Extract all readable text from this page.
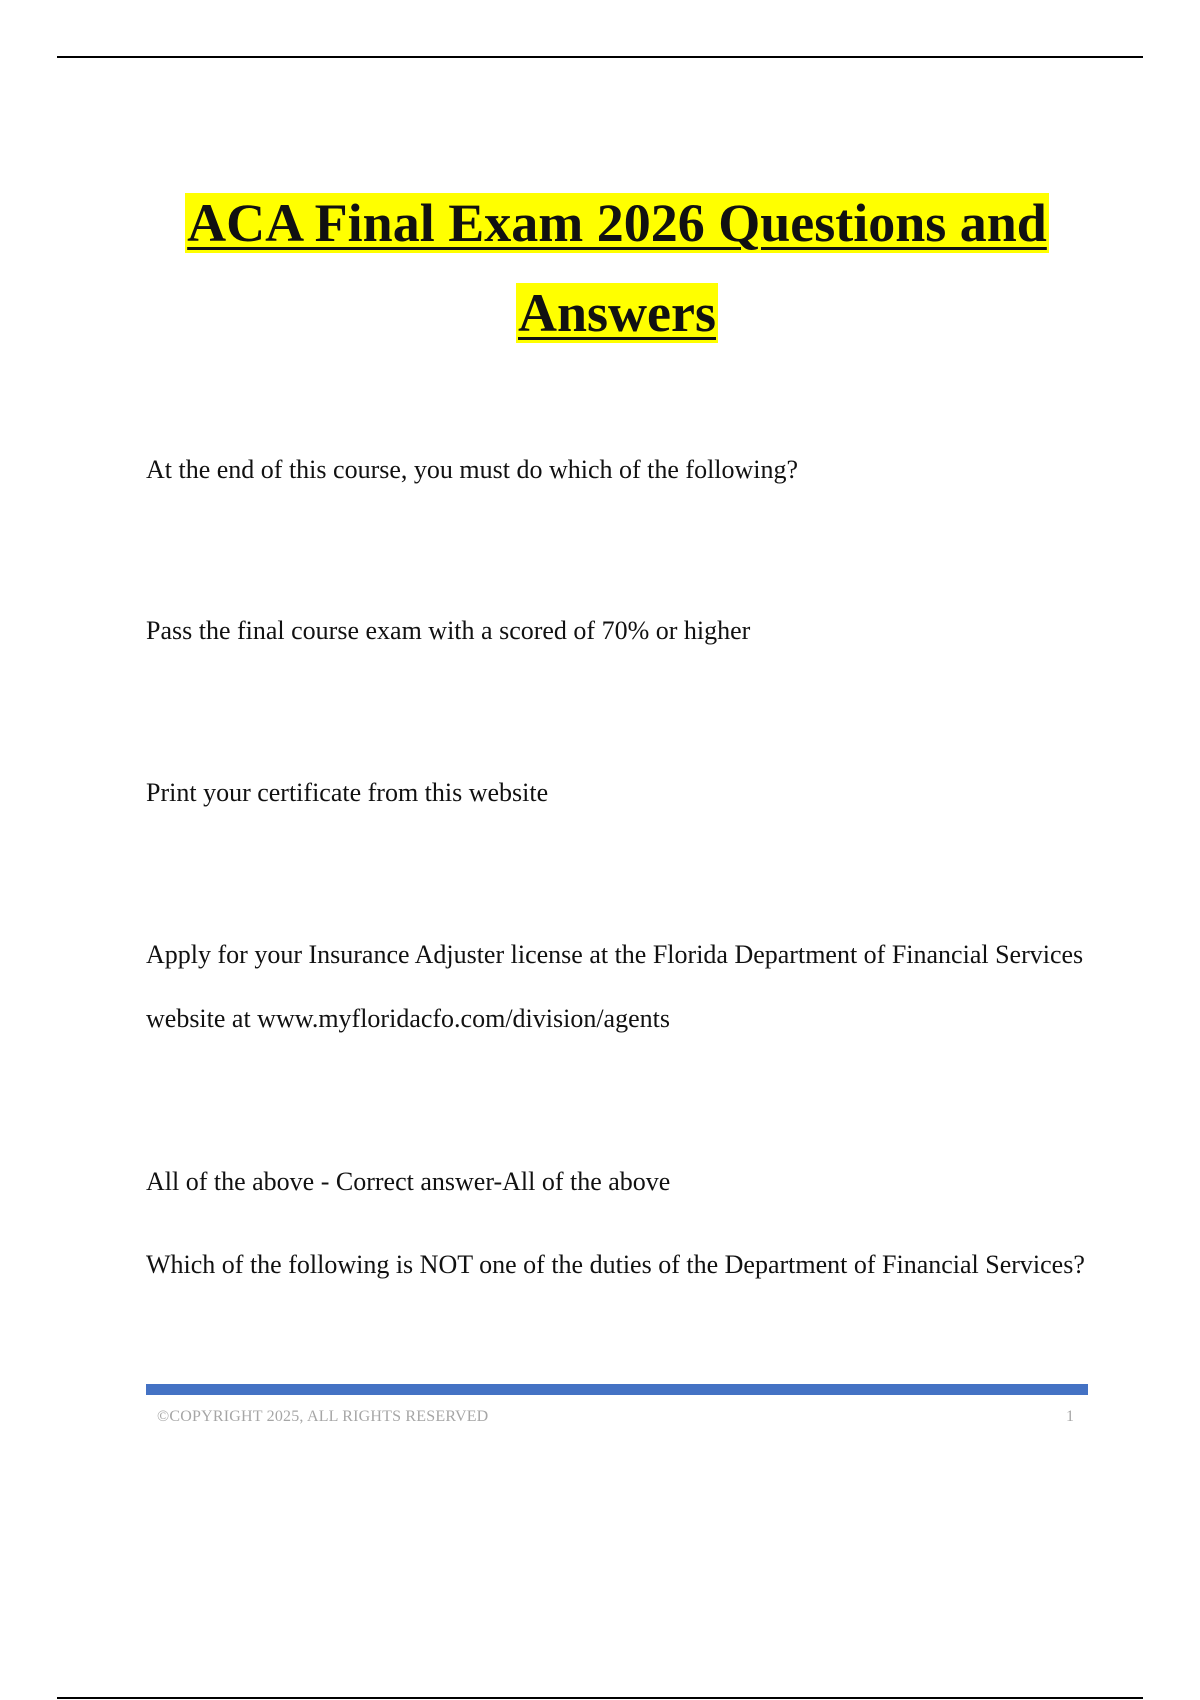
ACA Final Exam 2026 Questions and Answers

At the end of this course, you must do which of the following?

Pass the final course exam with a scored of 70% or higher

Print your certificate from this website

Apply for your Insurance Adjuster license at the Florida Department of Financial Services website at www.myfloridacfo.com/division/agents

All of the above - Correct answer-All of the above

Which of the following is NOT one of the duties of the Department of Financial Services?

©COPYRIGHT 2025, ALL RIGHTS RESERVED	1
